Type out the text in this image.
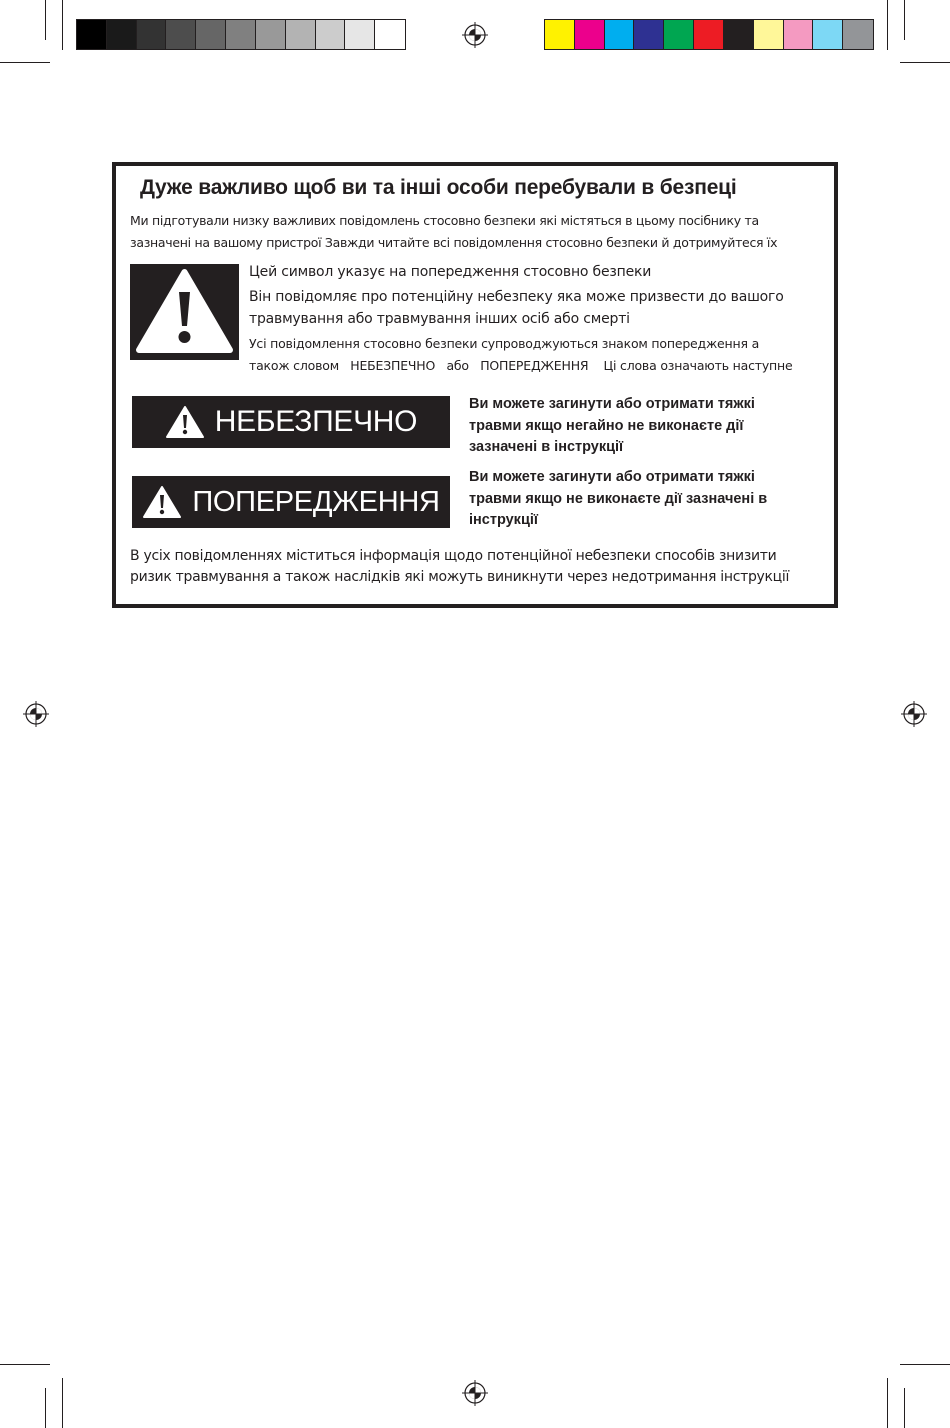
Дуже важливо щоб ви та інші особи перебували в безпеці
Ми підготували низку важливих повідомлень стосовно безпеки які містяться в цьому посібнику та
зазначені на вашому пристрої Завжди читайте всі повідомлення стосовно безпеки й дотримуйтеся їх
Цей символ указує на попередження стосовно безпеки
Він повідомляє про потенційну небезпеку яка може призвести до вашого
травмування або травмування інших осіб або смерті
Усі повідомлення стосовно безпеки супроводжуються знаком попередження а
також словом   НЕБЕЗПЕЧНО   або   ПОПЕРЕДЖЕННЯ    Ці слова означають наступне
НЕБЕЗПЕЧНО
Ви можете загинути або отримати тяжкі
травми якщо негайно не виконаєте дії
зазначені в інструкції
ПОПЕРЕДЖЕННЯ
Ви можете загинути або отримати тяжкі
травми якщо не виконаєте дії зазначені в
інструкції
В усіх повідомленнях міститься інформація щодо потенційної небезпеки способів знизити
ризик травмування а також наслідків які можуть виникнути через недотримання інструкції
